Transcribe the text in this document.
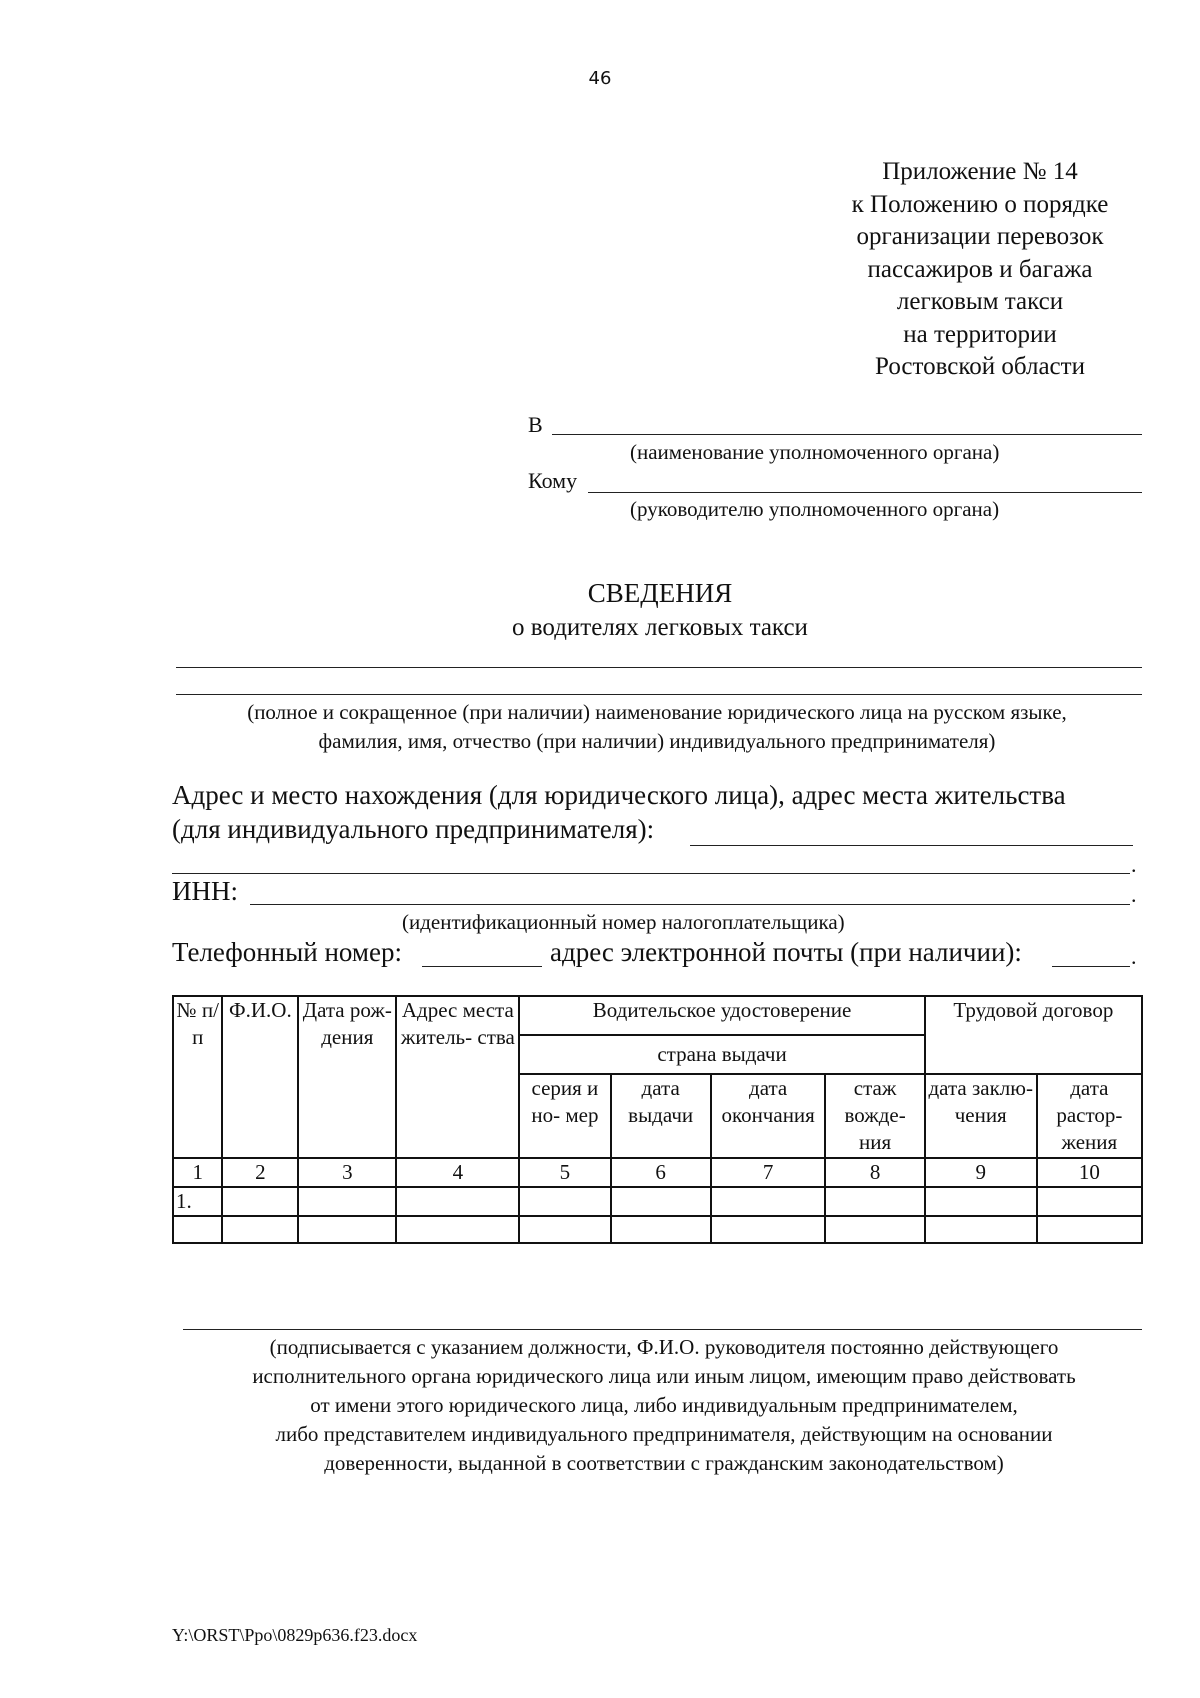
46
Приложение № 14
к Положению о порядке
организации перевозок
пассажиров и багажа
легковым такси
на территории
Ростовской области
В
(наименование уполномоченного органа)
Кому
(руководителю уполномоченного органа)
СВЕДЕНИЯ
о водителях легковых такси
(полное и сокращенное (при наличии) наименование юридического лица на русском языке,
фамилия, имя, отчество (при наличии) индивидуального предпринимателя)
Адрес и место нахождения (для юридического лица), адрес места жительства
(для индивидуального предпринимателя):
.
ИНН:	.
(идентификационный номер налогоплательщика)
Телефонный номер:	адрес электронной почты (при наличии):	.
№ п/п	Ф.И.О.	Дата рож- дения	Адрес места житель- ства	Водительское удостоверение				Трудовой договор	
				страна выдачи					
				серия и но- мер	дата выдачи	дата окончания	стаж вожде- ния	дата заклю- чения	дата растор- жения
1	2	3	4	5	6	7	8	9	10
1.									

(подписывается с указанием должности, Ф.И.О. руководителя постоянно действующего
исполнительного органа юридического лица или иным лицом, имеющим право действовать
от имени этого юридического лица, либо индивидуальным предпринимателем,
либо представителем индивидуального предпринимателя, действующим на основании
доверенности, выданной в соответствии с гражданским законодательством)
Y:\ORST\Ppo\0829p636.f23.docx
